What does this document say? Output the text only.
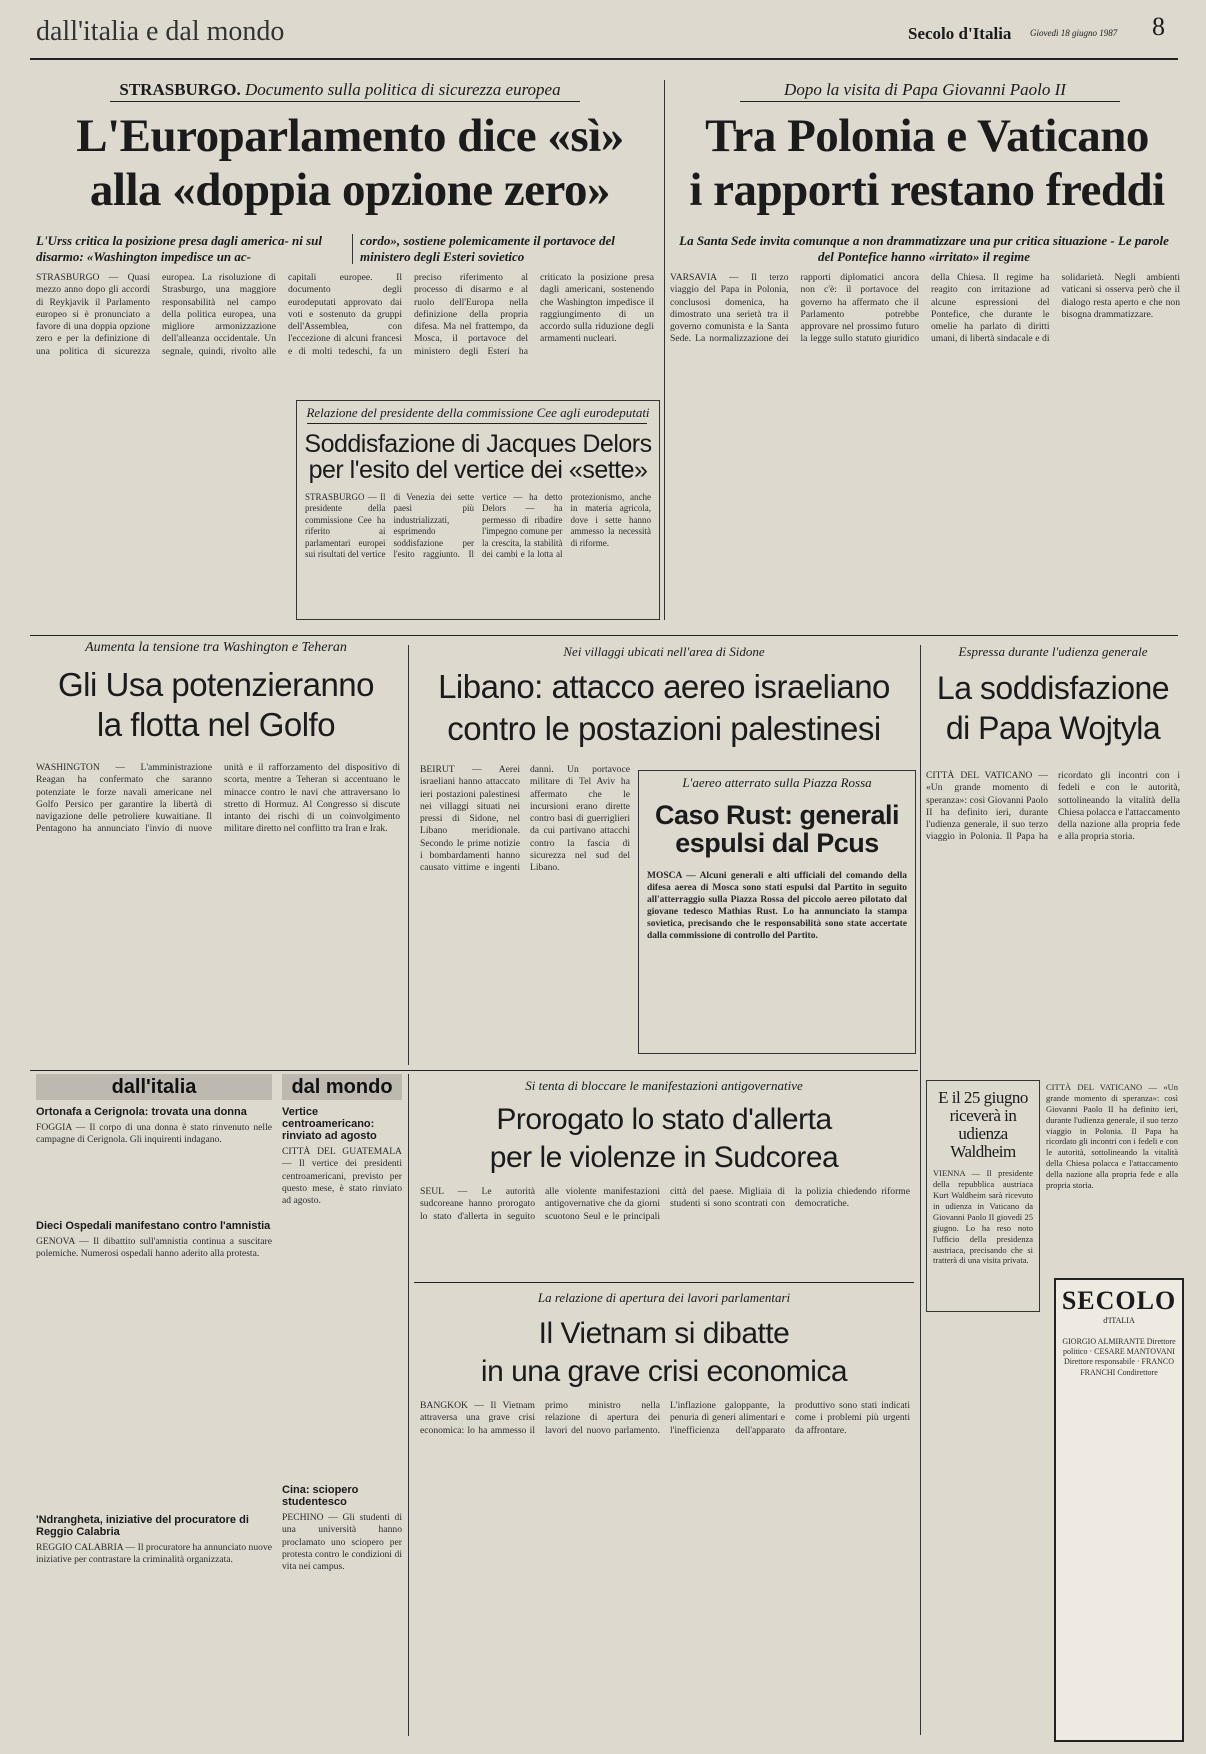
dall'italia e dal mondo	Secolo d'Italia Giovedì 18 giugno 1987 8
STRASBURGO. Documento sulla politica di sicurezza europea
L'Europarlamento dice «sì»
alla «doppia opzione zero»
L'Urss critica la posizione presa dagli america- ni sul disarmo: «Washington impedisce un ac-
cordo», sostiene polemicamente il portavoce del ministero degli Esteri sovietico
STRASBURGO — Quasi mezzo anno dopo gli accordi di Reykjavik il Parlamento europeo si è pronunciato a favore di una doppia opzione zero e per la definizione di una politica di sicurezza europea. La risoluzione di Strasburgo, una maggiore responsabilità nel campo della politica europea, una migliore armonizzazione dell'alleanza occidentale. Un segnale, quindi, rivolto alle capitali europee. Il documento degli eurodeputati approvato dai voti e sostenuto da gruppi dell'Assemblea, con l'eccezione di alcuni francesi e di molti tedeschi, fa un preciso riferimento al processo di disarmo e al ruolo dell'Europa nella definizione della propria difesa. Ma nel frattempo, da Mosca, il portavoce del ministero degli Esteri ha criticato la posizione presa dagli americani, sostenendo che Washington impedisce il raggiungimento di un accordo sulla riduzione degli armamenti nucleari.
Dopo la visita di Papa Giovanni Paolo II
Tra Polonia e Vaticano
i rapporti restano freddi
La Santa Sede invita comunque a non drammatizzare una pur critica situazione - Le parole del Pontefice hanno «irritato» il regime
VARSAVIA — Il terzo viaggio del Papa in Polonia, conclusosi domenica, ha dimostrato una serietà tra il governo comunista e la Santa Sede. La normalizzazione dei rapporti diplomatici ancora non c'è: il portavoce del governo ha affermato che il Parlamento potrebbe approvare nel prossimo futuro la legge sullo statuto giuridico della Chiesa. Il regime ha reagito con irritazione ad alcune espressioni del Pontefice, che durante le omelie ha parlato di diritti umani, di libertà sindacale e di solidarietà. Negli ambienti vaticani si osserva però che il dialogo resta aperto e che non bisogna drammatizzare.
Relazione del presidente della commissione Cee agli eurodeputati
Soddisfazione di Jacques Delors
per l'esito del vertice dei «sette»
STRASBURGO — Il presidente della commissione Cee ha riferito ai parlamentari europei sui risultati del vertice di Venezia dei sette paesi più industrializzati, esprimendo soddisfazione per l'esito raggiunto. Il vertice — ha detto Delors — ha permesso di ribadire l'impegno comune per la crescita, la stabilità dei cambi e la lotta al protezionismo, anche in materia agricola, dove i sette hanno ammesso la necessità di riforme.
Aumenta la tensione tra Washington e Teheran
Gli Usa potenzieranno
la flotta nel Golfo
WASHINGTON — L'amministrazione Reagan ha confermato che saranno potenziate le forze navali americane nel Golfo Persico per garantire la libertà di navigazione delle petroliere kuwaitiane. Il Pentagono ha annunciato l'invio di nuove unità e il rafforzamento del dispositivo di scorta, mentre a Teheran si accentuano le minacce contro le navi che attraversano lo stretto di Hormuz. Al Congresso si discute intanto dei rischi di un coinvolgimento militare diretto nel conflitto tra Iran e Irak.
Nei villaggi ubicati nell'area di Sidone
Libano: attacco aereo israeliano
contro le postazioni palestinesi
BEIRUT — Aerei israeliani hanno attaccato ieri postazioni palestinesi nei villaggi situati nei pressi di Sidone, nel Libano meridionale. Secondo le prime notizie i bombardamenti hanno causato vittime e ingenti danni. Un portavoce militare di Tel Aviv ha affermato che le incursioni erano dirette contro basi di guerriglieri da cui partivano attacchi contro la fascia di sicurezza nel sud del Libano.
L'aereo atterrato sulla Piazza Rossa
Caso Rust: generali
espulsi dal Pcus
MOSCA — Alcuni generali e alti ufficiali del comando della difesa aerea di Mosca sono stati espulsi dal Partito in seguito all'atterraggio sulla Piazza Rossa del piccolo aereo pilotato dal giovane tedesco Mathias Rust. Lo ha annunciato la stampa sovietica, precisando che le responsabilità sono state accertate dalla commissione di controllo del Partito.
Espressa durante l'udienza generale
La soddisfazione
di Papa Wojtyla
CITTÀ DEL VATICANO — «Un grande momento di speranza»: così Giovanni Paolo II ha definito ieri, durante l'udienza generale, il suo terzo viaggio in Polonia. Il Papa ha ricordato gli incontri con i fedeli e con le autorità, sottolineando la vitalità della Chiesa polacca e l'attaccamento della nazione alla propria fede e alla propria storia.
E il 25 giugno riceverà in udienza Waldheim
VIENNA — Il presidente della repubblica austriaca Kurt Waldheim sarà ricevuto in udienza in Vaticano da Giovanni Paolo II giovedì 25 giugno. Lo ha reso noto l'ufficio della presidenza austriaca, precisando che si tratterà di una visita privata.
CITTÀ DEL VATICANO — «Un grande momento di speranza»: così Giovanni Paolo II ha definito ieri, durante l'udienza generale, il suo terzo viaggio in Polonia. Il Papa ha ricordato gli incontri con i fedeli e con le autorità, sottolineando la vitalità della Chiesa polacca e l'attaccamento della nazione alla propria fede e alla propria storia.
SECOLO
d'ITALIA
GIORGIO ALMIRANTE Direttore politico · CESARE MANTOVANI Direttore responsabile · FRANCO FRANCHI Condirettore
dall'italia	dal mondo
Ortonafa a Cerignola: trovata una donna
FOGGIA — Il corpo di una donna è stato rinvenuto nelle campagne di Cerignola. Gli inquirenti indagano.
Dieci Ospedali manifestano contro l'amnistia
GENOVA — Il dibattito sull'amnistia continua a suscitare polemiche. Numerosi ospedali hanno aderito alla protesta.
'Ndrangheta, iniziative del procuratore di Reggio Calabria
REGGIO CALABRIA — Il procuratore ha annunciato nuove iniziative per contrastare la criminalità organizzata.
Vertice centroamericano: rinviato ad agosto
CITTÀ DEL GUATEMALA — Il vertice dei presidenti centroamericani, previsto per questo mese, è stato rinviato ad agosto.
Cina: sciopero studentesco
PECHINO — Gli studenti di una università hanno proclamato uno sciopero per protesta contro le condizioni di vita nei campus.
Si tenta di bloccare le manifestazioni antigovernative
Prorogato lo stato d'allerta
per le violenze in Sudcorea
SEUL — Le autorità sudcoreane hanno prorogato lo stato d'allerta in seguito alle violente manifestazioni antigovernative che da giorni scuotono Seul e le principali città del paese. Migliaia di studenti si sono scontrati con la polizia chiedendo riforme democratiche.
La relazione di apertura dei lavori parlamentari
Il Vietnam si dibatte
in una grave crisi economica
BANGKOK — Il Vietnam attraversa una grave crisi economica: lo ha ammesso il primo ministro nella relazione di apertura dei lavori del nuovo parlamento. L'inflazione galoppante, la penuria di generi alimentari e l'inefficienza dell'apparato produttivo sono stati indicati come i problemi più urgenti da affrontare.
